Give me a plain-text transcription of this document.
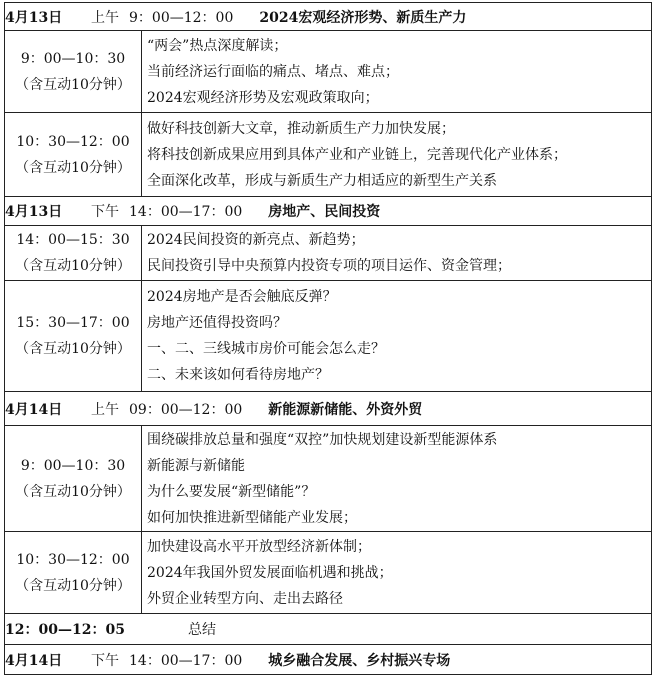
4月13日 上午 9：00—12：00 2024宏观经济形势、新质生产力	

9：00—10：30
（含互动10分钟）	“两会”热点深度解读；
当前经济运行面临的痛点、堵点、难点；
2024宏观经济形势及宏观政策取向；

10：30—12：00
（含互动10分钟）	做好科技创新大文章，推动新质生产力加快发展；
将科技创新成果应用到具体产业和产业链上，完善现代化产业体系；
全面深化改革，形成与新质生产力相适应的新型生产关系

4月13日 下午 14：00—17：00 房地产、民间投资	

14：00—15：30
（含互动10分钟）	2024民间投资的新亮点、新趋势；
民间投资引导中央预算内投资专项的项目运作、资金管理；

15：30—17：00
（含互动10分钟）	2024房地产是否会触底反弹？
房地产还值得投资吗？
一、二、三线城市房价可能会怎么走？
二、未来该如何看待房地产？

4月14日 上午 09：00—12：00 新能源新储能、外资外贸	

9：00—10：30
（含互动10分钟）	围绕碳排放总量和强度“双控”加快规划建设新型能源体系
新能源与新储能
为什么要发展“新型储能”？
如何加快推进新型储能产业发展；

10：30—12：00
（含互动10分钟）	加快建设高水平开放型经济新体制；
2024年我国外贸发展面临机遇和挑战；
外贸企业转型方向、走出去路径

12：00—12：05 总结	
4月14日 下午 14：00—17：00 城乡融合发展、乡村振兴专场	
